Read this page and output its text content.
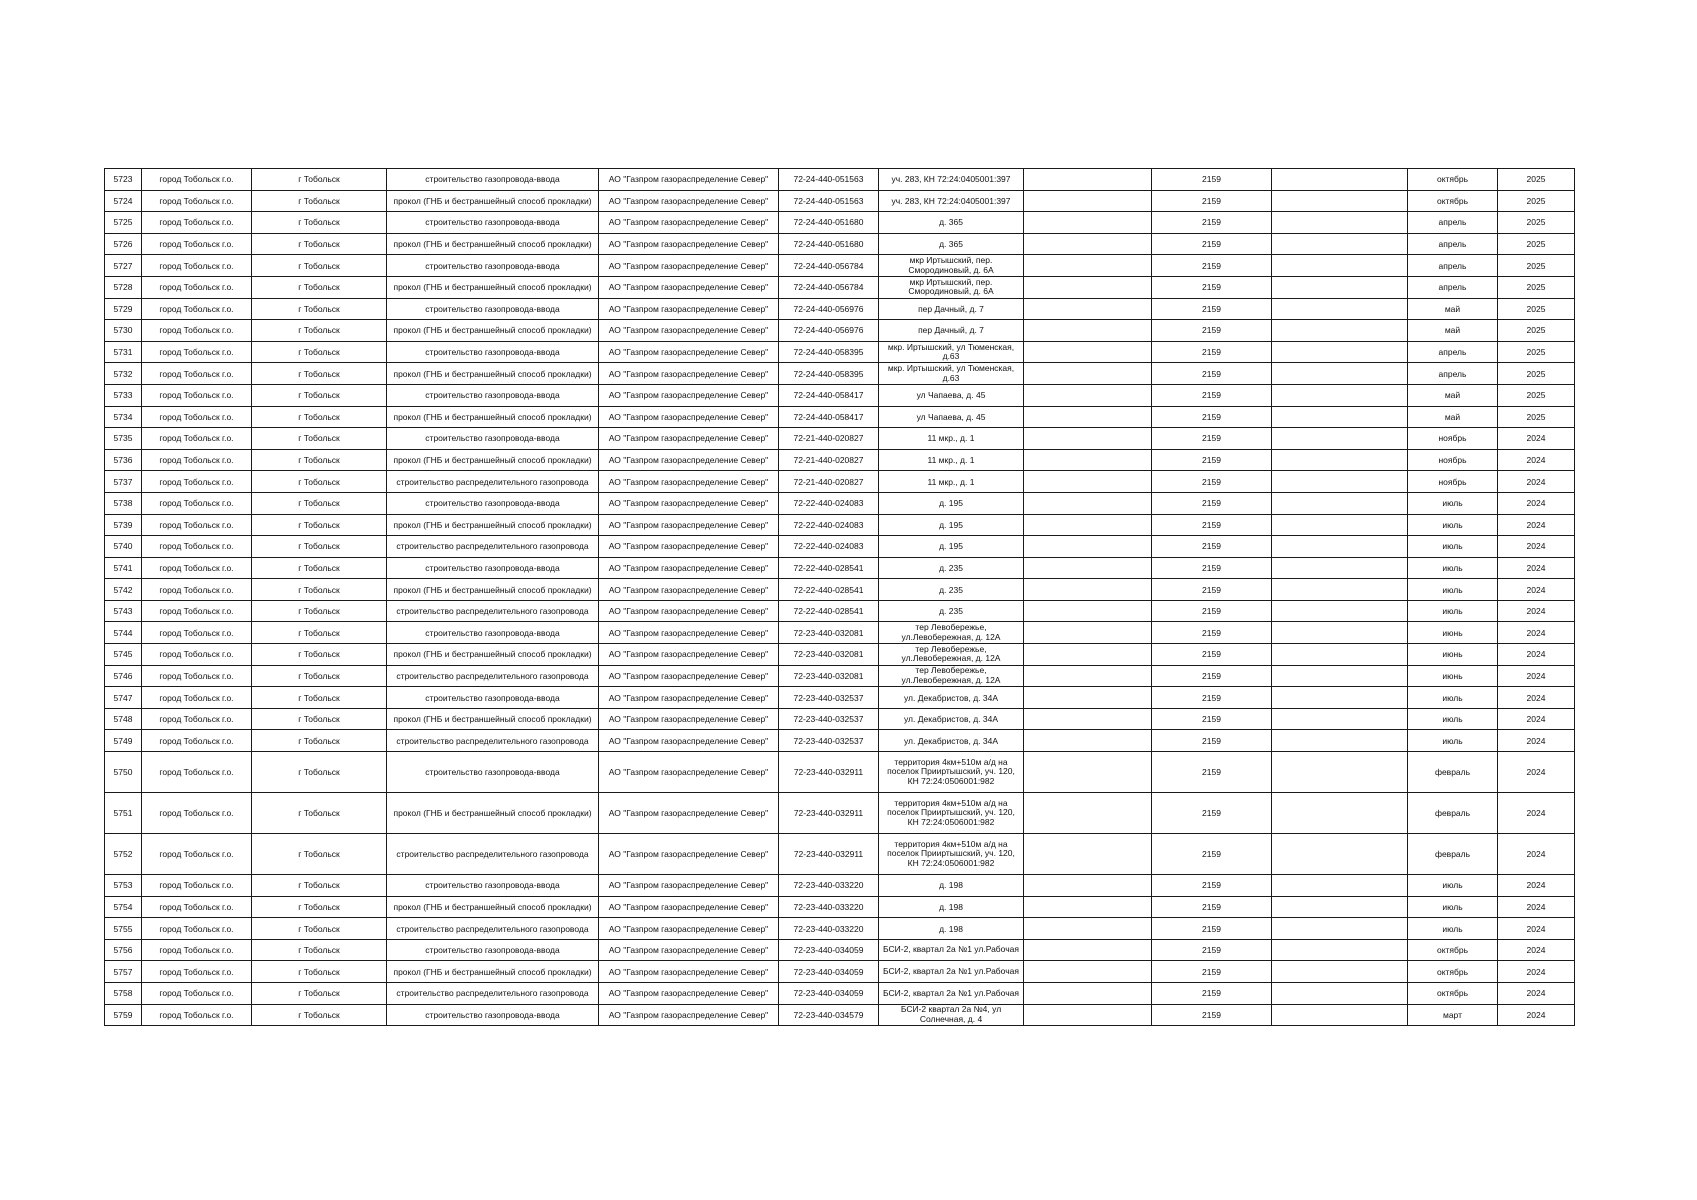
5723	город Тобольск г.о.	г Тобольск	строительство газопровода-ввода	АО "Газпром газораспределение Север"	72-24-440-051563	уч. 283, КН 72:24:0405001:397		2159		октябрь	2025
5724	город Тобольск г.о.	г Тобольск	прокол (ГНБ и бестраншейный способ прокладки)	АО "Газпром газораспределение Север"	72-24-440-051563	уч. 283, КН 72:24:0405001:397		2159		октябрь	2025
5725	город Тобольск г.о.	г Тобольск	строительство газопровода-ввода	АО "Газпром газораспределение Север"	72-24-440-051680	д. 365		2159		апрель	2025
5726	город Тобольск г.о.	г Тобольск	прокол (ГНБ и бестраншейный способ прокладки)	АО "Газпром газораспределение Север"	72-24-440-051680	д. 365		2159		апрель	2025
5727	город Тобольск г.о.	г Тобольск	строительство газопровода-ввода	АО "Газпром газораспределение Север"	72-24-440-056784	мкр Иртышский, пер. Смородиновый, д. 6А		2159		апрель	2025
5728	город Тобольск г.о.	г Тобольск	прокол (ГНБ и бестраншейный способ прокладки)	АО "Газпром газораспределение Север"	72-24-440-056784	мкр Иртышский, пер. Смородиновый, д. 6А		2159		апрель	2025
5729	город Тобольск г.о.	г Тобольск	строительство газопровода-ввода	АО "Газпром газораспределение Север"	72-24-440-056976	пер Дачный, д. 7		2159		май	2025
5730	город Тобольск г.о.	г Тобольск	прокол (ГНБ и бестраншейный способ прокладки)	АО "Газпром газораспределение Север"	72-24-440-056976	пер Дачный, д. 7		2159		май	2025
5731	город Тобольск г.о.	г Тобольск	строительство газопровода-ввода	АО "Газпром газораспределение Север"	72-24-440-058395	мкр. Иртышский, ул Тюменская, д.63		2159		апрель	2025
5732	город Тобольск г.о.	г Тобольск	прокол (ГНБ и бестраншейный способ прокладки)	АО "Газпром газораспределение Север"	72-24-440-058395	мкр. Иртышский, ул Тюменская, д.63		2159		апрель	2025
5733	город Тобольск г.о.	г Тобольск	строительство газопровода-ввода	АО "Газпром газораспределение Север"	72-24-440-058417	ул Чапаева, д. 45		2159		май	2025
5734	город Тобольск г.о.	г Тобольск	прокол (ГНБ и бестраншейный способ прокладки)	АО "Газпром газораспределение Север"	72-24-440-058417	ул Чапаева, д. 45		2159		май	2025
5735	город Тобольск г.о.	г Тобольск	строительство газопровода-ввода	АО "Газпром газораспределение Север"	72-21-440-020827	11 мкр., д. 1		2159		ноябрь	2024
5736	город Тобольск г.о.	г Тобольск	прокол (ГНБ и бестраншейный способ прокладки)	АО "Газпром газораспределение Север"	72-21-440-020827	11 мкр., д. 1		2159		ноябрь	2024
5737	город Тобольск г.о.	г Тобольск	строительство распределительного газопровода	АО "Газпром газораспределение Север"	72-21-440-020827	11 мкр., д. 1		2159		ноябрь	2024
5738	город Тобольск г.о.	г Тобольск	строительство газопровода-ввода	АО "Газпром газораспределение Север"	72-22-440-024083	д. 195		2159		июль	2024
5739	город Тобольск г.о.	г Тобольск	прокол (ГНБ и бестраншейный способ прокладки)	АО "Газпром газораспределение Север"	72-22-440-024083	д. 195		2159		июль	2024
5740	город Тобольск г.о.	г Тобольск	строительство распределительного газопровода	АО "Газпром газораспределение Север"	72-22-440-024083	д. 195		2159		июль	2024
5741	город Тобольск г.о.	г Тобольск	строительство газопровода-ввода	АО "Газпром газораспределение Север"	72-22-440-028541	д. 235		2159		июль	2024
5742	город Тобольск г.о.	г Тобольск	прокол (ГНБ и бестраншейный способ прокладки)	АО "Газпром газораспределение Север"	72-22-440-028541	д. 235		2159		июль	2024
5743	город Тобольск г.о.	г Тобольск	строительство распределительного газопровода	АО "Газпром газораспределение Север"	72-22-440-028541	д. 235		2159		июль	2024
5744	город Тобольск г.о.	г Тобольск	строительство газопровода-ввода	АО "Газпром газораспределение Север"	72-23-440-032081	тер Левобережье, ул.Левобережная, д. 12А		2159		июнь	2024
5745	город Тобольск г.о.	г Тобольск	прокол (ГНБ и бестраншейный способ прокладки)	АО "Газпром газораспределение Север"	72-23-440-032081	тер Левобережье, ул.Левобережная, д. 12А		2159		июнь	2024
5746	город Тобольск г.о.	г Тобольск	строительство распределительного газопровода	АО "Газпром газораспределение Север"	72-23-440-032081	тер Левобережье, ул.Левобережная, д. 12А		2159		июнь	2024
5747	город Тобольск г.о.	г Тобольск	строительство газопровода-ввода	АО "Газпром газораспределение Север"	72-23-440-032537	ул. Декабристов, д. 34А		2159		июль	2024
5748	город Тобольск г.о.	г Тобольск	прокол (ГНБ и бестраншейный способ прокладки)	АО "Газпром газораспределение Север"	72-23-440-032537	ул. Декабристов, д. 34А		2159		июль	2024
5749	город Тобольск г.о.	г Тобольск	строительство распределительного газопровода	АО "Газпром газораспределение Север"	72-23-440-032537	ул. Декабристов, д. 34А		2159		июль	2024
5750	город Тобольск г.о.	г Тобольск	строительство газопровода-ввода	АО "Газпром газораспределение Север"	72-23-440-032911	территория 4км+510м а/д на поселок Прииртышский, уч. 120, КН 72:24:0506001:982		2159		февраль	2024
5751	город Тобольск г.о.	г Тобольск	прокол (ГНБ и бестраншейный способ прокладки)	АО "Газпром газораспределение Север"	72-23-440-032911	территория 4км+510м а/д на поселок Прииртышский, уч. 120, КН 72:24:0506001:982		2159		февраль	2024
5752	город Тобольск г.о.	г Тобольск	строительство распределительного газопровода	АО "Газпром газораспределение Север"	72-23-440-032911	территория 4км+510м а/д на поселок Прииртышский, уч. 120, КН 72:24:0506001:982		2159		февраль	2024
5753	город Тобольск г.о.	г Тобольск	строительство газопровода-ввода	АО "Газпром газораспределение Север"	72-23-440-033220	д. 198		2159		июль	2024
5754	город Тобольск г.о.	г Тобольск	прокол (ГНБ и бестраншейный способ прокладки)	АО "Газпром газораспределение Север"	72-23-440-033220	д. 198		2159		июль	2024
5755	город Тобольск г.о.	г Тобольск	строительство распределительного газопровода	АО "Газпром газораспределение Север"	72-23-440-033220	д. 198		2159		июль	2024
5756	город Тобольск г.о.	г Тобольск	строительство газопровода-ввода	АО "Газпром газораспределение Север"	72-23-440-034059	БСИ-2, квартал 2а №1 ул.Рабочая		2159		октябрь	2024
5757	город Тобольск г.о.	г Тобольск	прокол (ГНБ и бестраншейный способ прокладки)	АО "Газпром газораспределение Север"	72-23-440-034059	БСИ-2, квартал 2а №1 ул.Рабочая		2159		октябрь	2024
5758	город Тобольск г.о.	г Тобольск	строительство распределительного газопровода	АО "Газпром газораспределение Север"	72-23-440-034059	БСИ-2, квартал 2а №1 ул.Рабочая		2159		октябрь	2024
5759	город Тобольск г.о.	г Тобольск	строительство газопровода-ввода	АО "Газпром газораспределение Север"	72-23-440-034579	БСИ-2 квартал 2а №4, ул Солнечная, д. 4		2159		март	2024
